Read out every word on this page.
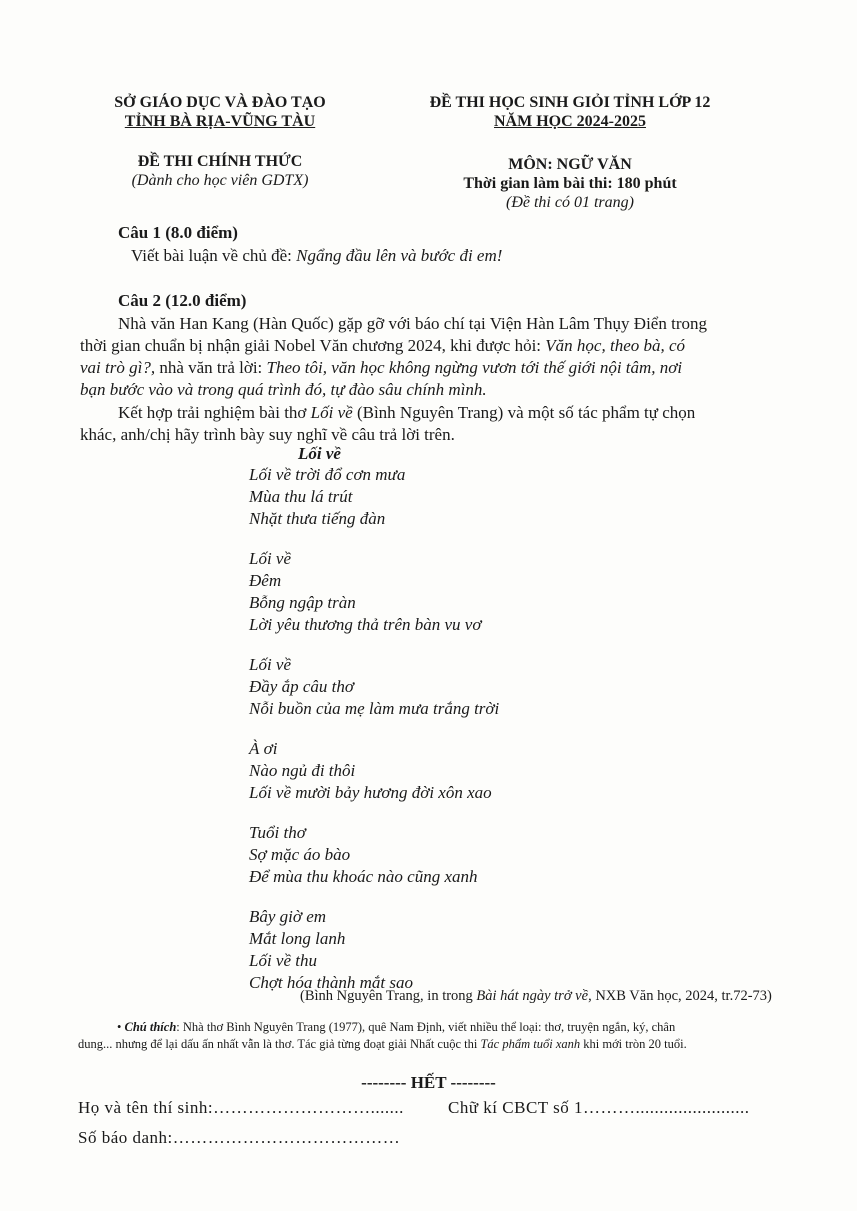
SỞ GIÁO DỤC VÀ ĐÀO TẠO
TỈNH BÀ RỊA-VŨNG TÀU
ĐỀ THI CHÍNH THỨC
(Dành cho học viên GDTX)
ĐỀ THI HỌC SINH GIỎI TỈNH LỚP 12
NĂM HỌC 2024-2025
MÔN: NGỮ VĂN
Thời gian làm bài thi: 180 phút
(Đề thi có 01 trang)
Câu 1 (8.0 điểm)
Viết bài luận về chủ đề: Ngẩng đầu lên và bước đi em!
Câu 2 (12.0 điểm)
Nhà văn Han Kang (Hàn Quốc) gặp gỡ với báo chí tại Viện Hàn Lâm Thụy Điển trong
thời gian chuẩn bị nhận giải Nobel Văn chương 2024, khi được hỏi: Văn học, theo bà, có
vai trò gì?, nhà văn trả lời: Theo tôi, văn học không ngừng vươn tới thế giới nội tâm, nơi
bạn bước vào và trong quá trình đó, tự đào sâu chính mình.
Kết hợp trải nghiệm bài thơ Lối về (Bình Nguyên Trang) và một số tác phẩm tự chọn
khác, anh/chị hãy trình bày suy nghĩ về câu trả lời trên.
Lối về
Lối về trời đổ cơn mưa
Mùa thu lá trút
Nhặt thưa tiếng đàn
Lối về
Đêm
Bỗng ngập tràn
Lời yêu thương thả trên bàn vu vơ
Lối về
Đầy ắp câu thơ
Nỗi buồn của mẹ làm mưa trắng trời
À ơi
Nào ngủ đi thôi
Lối về mười bảy hương đời xôn xao
Tuổi thơ
Sợ mặc áo bào
Để mùa thu khoác nào cũng xanh
Bây giờ em
Mắt long lanh
Lối về thu
Chợt hóa thành mắt sao
(Bình Nguyên Trang, in trong Bài hát ngày trở về, NXB Văn học, 2024, tr.72-73)
• Chú thích: Nhà thơ Bình Nguyên Trang (1977), quê Nam Định, viết nhiều thể loại: thơ, truyện ngắn, ký, chân
dung... nhưng để lại dấu ấn nhất vẫn là thơ. Tác giả từng đoạt giải Nhất cuộc thi Tác phẩm tuổi xanh khi mới tròn 20 tuổi.
-------- HẾT --------
Họ và tên thí sinh:……………………….......	Chữ kí CBCT số 1………........................
Số báo danh:…………………………………
